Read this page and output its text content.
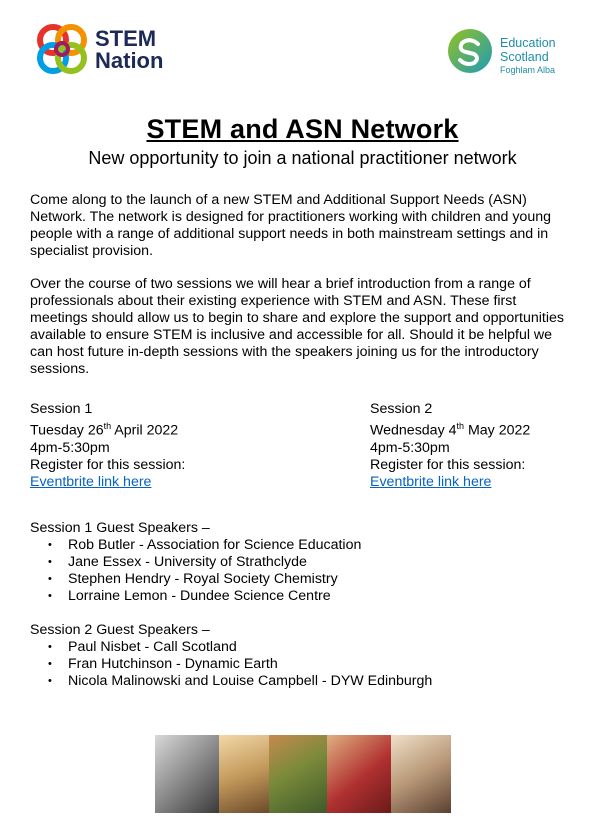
STEM
Nation
Education
Scotland
Foghlam Alba
STEM and ASN Network
New opportunity to join a national practitioner network
Come along to the launch of a new STEM and Additional Support Needs (ASN) Network. The network is designed for practitioners working with children and young people with a range of additional support needs in both mainstream settings and in specialist provision.
Over the course of two sessions we will hear a brief introduction from a range of professionals about their existing experience with STEM and ASN. These first meetings should allow us to begin to share and explore the support and opportunities available to ensure STEM is inclusive and accessible for all. Should it be helpful we can host future in-depth sessions with the speakers joining us for the introductory sessions.
Session 1
Tuesday 26th April 2022
4pm-5:30pm
Register for this session:
Eventbrite link here
Session 2
Wednesday 4th May 2022
4pm-5:30pm
Register for this session:
Eventbrite link here
Session 1 Guest Speakers –
• Rob Butler - Association for Science Education
• Jane Essex - University of Strathclyde
• Stephen Hendry - Royal Society Chemistry
• Lorraine Lemon - Dundee Science Centre
Session 2 Guest Speakers –
• Paul Nisbet - Call Scotland
• Fran Hutchinson - Dynamic Earth
• Nicola Malinowski and Louise Campbell - DYW Edinburgh
